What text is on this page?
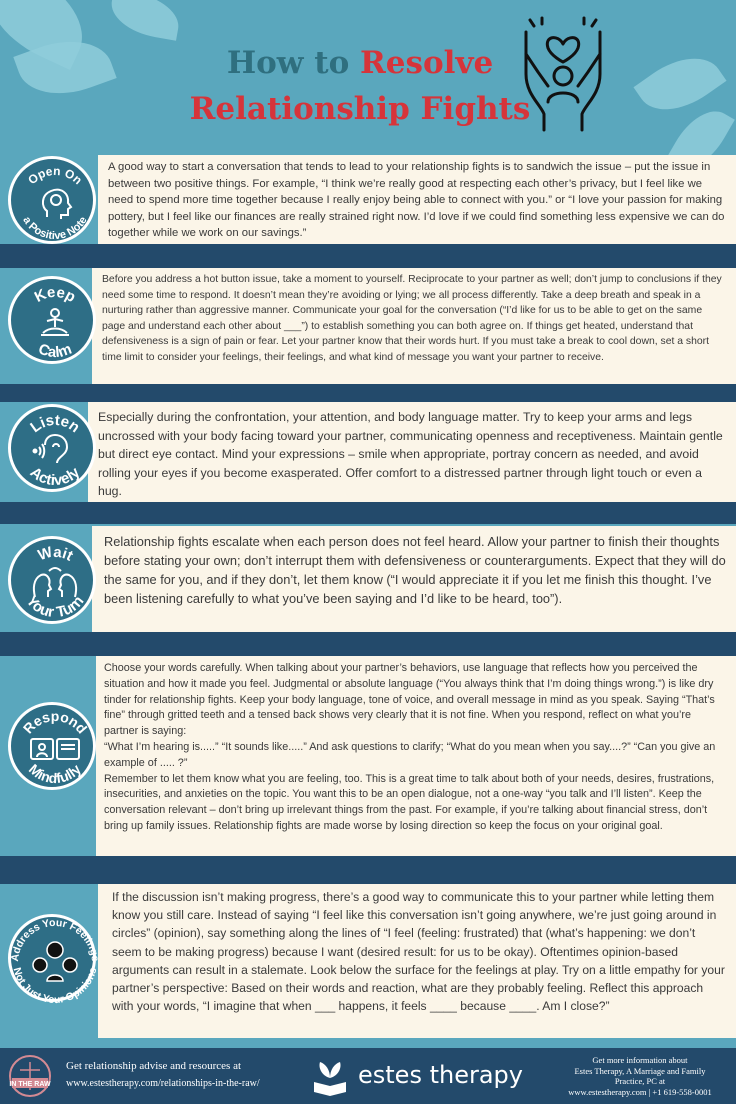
How to Resolve
Relationship Fights

A good way to start a conversation that tends to lead to your relationship fights is to sandwich the issue – put the issue in between two positive things. For example, “I think we’re really good at respecting each other’s privacy, but I feel like we need to spend more time together because I really enjoy being able to connect with you.” or “I love your passion for making pottery, but I feel like our finances are really strained right now. I’d love if we could find something less expensive we can do together while we work on our savings.”

Open On
a Positive Note

Before you address a hot button issue, take a moment to yourself. Reciprocate to your partner as well; don’t jump to conclusions if they need some time to respond. It doesn’t mean they’re avoiding or lying; we all process differently. Take a deep breath and speak in a nurturing rather than aggressive manner. Communicate your goal for the conversation (“I’d like for us to be able to get on the same page and understand each other about ___”) to establish something you can both agree on. If things get heated, understand that defensiveness is a sign of pain or fear. Let your partner know that their words hurt. If you must take a break to cool down, set a short time limit to consider your feelings, their feelings, and what kind of message you want your partner to receive.

Keep
Calm

Especially during the confrontation, your attention, and body language matter. Try to keep your arms and legs uncrossed with your body facing toward your partner, communicating openness and receptiveness. Maintain gentle but direct eye contact. Mind your expressions – smile when appropriate, portray concern as needed, and avoid rolling your eyes if you become exasperated. Offer comfort to a distressed partner through light touch or even a hug.

Listen
Actively

Relationship fights escalate when each person does not feel heard. Allow your partner to finish their thoughts before stating your own; don’t interrupt them with defensiveness or counterarguments. Expect that they will do the same for you, and if they don’t, let them know (“I would appreciate it if you let me finish this thought. I’ve been listening carefully to what you’ve been saying and I’d like to be heard, too”).

Wait
Your Turn

Choose your words carefully. When talking about your partner’s behaviors, use language that reflects how you perceived the situation and how it made you feel. Judgmental or absolute language (“You always think that I’m doing things wrong.”) is like dry tinder for relationship fights. Keep your body language, tone of voice, and overall message in mind as you speak. Saying “That’s fine” through gritted teeth and a tensed back shows very clearly that it is not fine. When you respond, reflect on what you’re partner is saying:

“What I’m hearing is.....” “It sounds like.....” And ask questions to clarify; “What do you mean when you say....?” “Can you give an example of ..... ?”

Remember to let them know what you are feeling, too. This is a great time to talk about both of your needs, desires, frustrations, insecurities, and anxieties on the topic. You want this to be an open dialogue, not a one-way “you talk and I’ll listen”. Keep the conversation relevant – don’t bring up irrelevant things from the past. For example, if you’re talking about financial stress, don’t bring up family issues. Relationship fights are made worse by losing direction so keep the focus on your original goal.

Respond
Mindfully

If the discussion isn’t making progress, there’s a good way to communicate this to your partner while letting them know you still care. Instead of saying “I feel like this conversation isn’t going anywhere, we’re just going around in circles” (opinion), say something along the lines of “I feel (feeling: frustrated) that (what’s happening: we don’t seem to be making progress) because I want (desired result: for us to be okay). Oftentimes opinion-based arguments can result in a stalemate. Look below the surface for the feelings at play. Try on a little empathy for your partner’s perspective: Based on their words and reaction, what are they probably feeling. Reflect this approach with your words, “I imagine that when ___ happens, it feels ____ because ____. Am I close?”

Address Your Feelings
Not Just Your Opinions
IN THE RAW
Get relationship advise and resources at
www.estestherapy.com/relationships-in-the-raw/	estes therapy
Get more information about
Estes Therapy, A Marriage and Family
Practice, PC at
www.estestherapy.com | +1 619-558-0001
